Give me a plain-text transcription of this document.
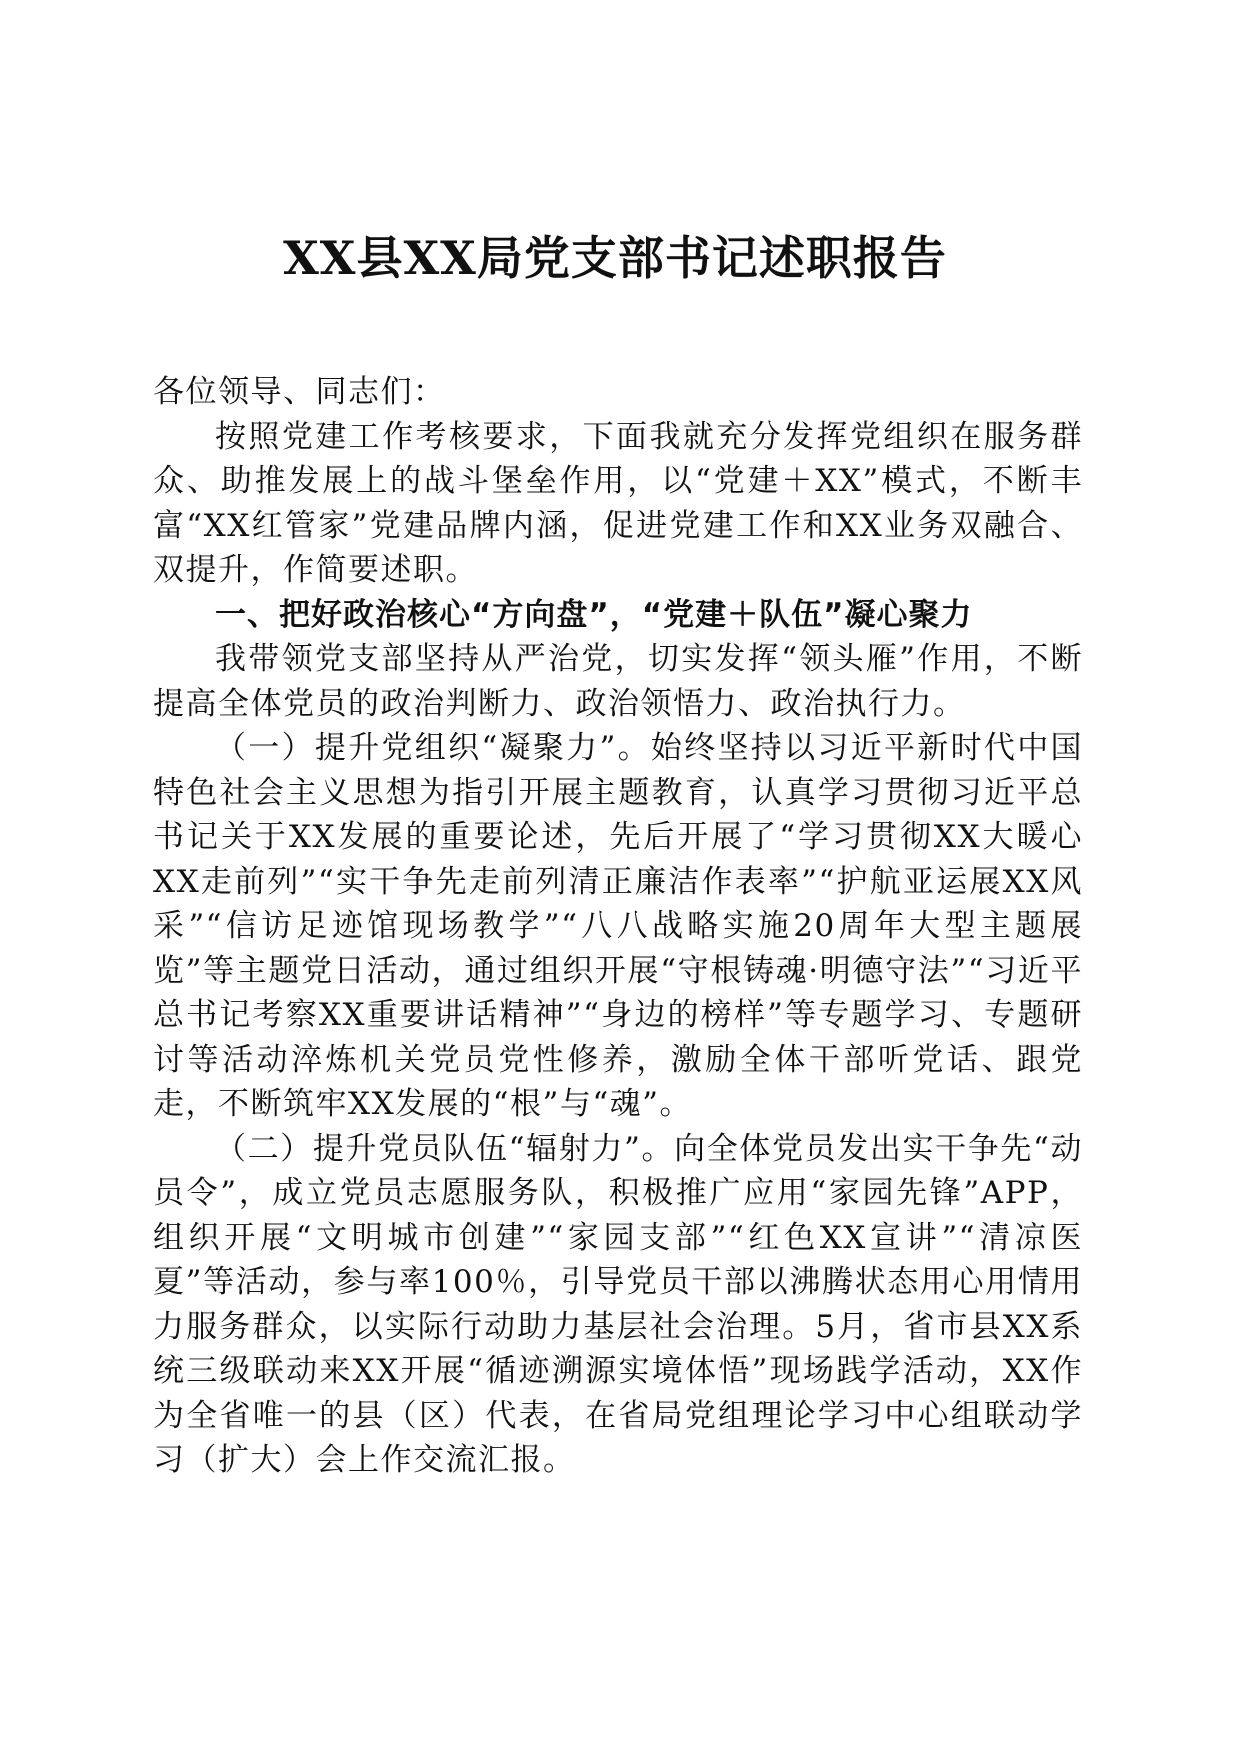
XX县XX局党支部书记述职报告

各位领导、同志们：

按照党建工作考核要求，下面我就充分发挥党组织在服务群众、助推发展上的战斗堡垒作用，以“党建＋XX”模式，不断丰富“XX红管家”党建品牌内涵，促进党建工作和XX业务双融合、双提升，作简要述职。

一、把好政治核心“方向盘”，“党建＋队伍”凝心聚力

我带领党支部坚持从严治党，切实发挥“领头雁”作用，不断提高全体党员的政治判断力、政治领悟力、政治执行力。

（一）提升党组织“凝聚力”。始终坚持以习近平新时代中国特色社会主义思想为指引开展主题教育，认真学习贯彻习近平总书记关于XX发展的重要论述，先后开展了“学习贯彻XX大暖心XX走前列”“实干争先走前列清正廉洁作表率”“护航亚运展XX风采”“信访足迹馆现场教学”“八八战略实施20周年大型主题展览”等主题党日活动，通过组织开展“守根铸魂·明德守法”“习近平总书记考察XX重要讲话精神”“身边的榜样”等专题学习、专题研讨等活动淬炼机关党员党性修养，激励全体干部听党话、跟党走，不断筑牢XX发展的“根”与“魂”。

（二）提升党员队伍“辐射力”。向全体党员发出实干争先“动员令”，成立党员志愿服务队，积极推广应用“家园先锋”APP，组织开展“文明城市创建”“家园支部”“红色XX宣讲”“清凉医夏”等活动，参与率100％，引导党员干部以沸腾状态用心用情用力服务群众，以实际行动助力基层社会治理。5月，省市县XX系统三级联动来XX开展“循迹溯源实境体悟”现场践学活动，XX作为全省唯一的县（区）代表，在省局党组理论学习中心组联动学习（扩大）会上作交流汇报。
